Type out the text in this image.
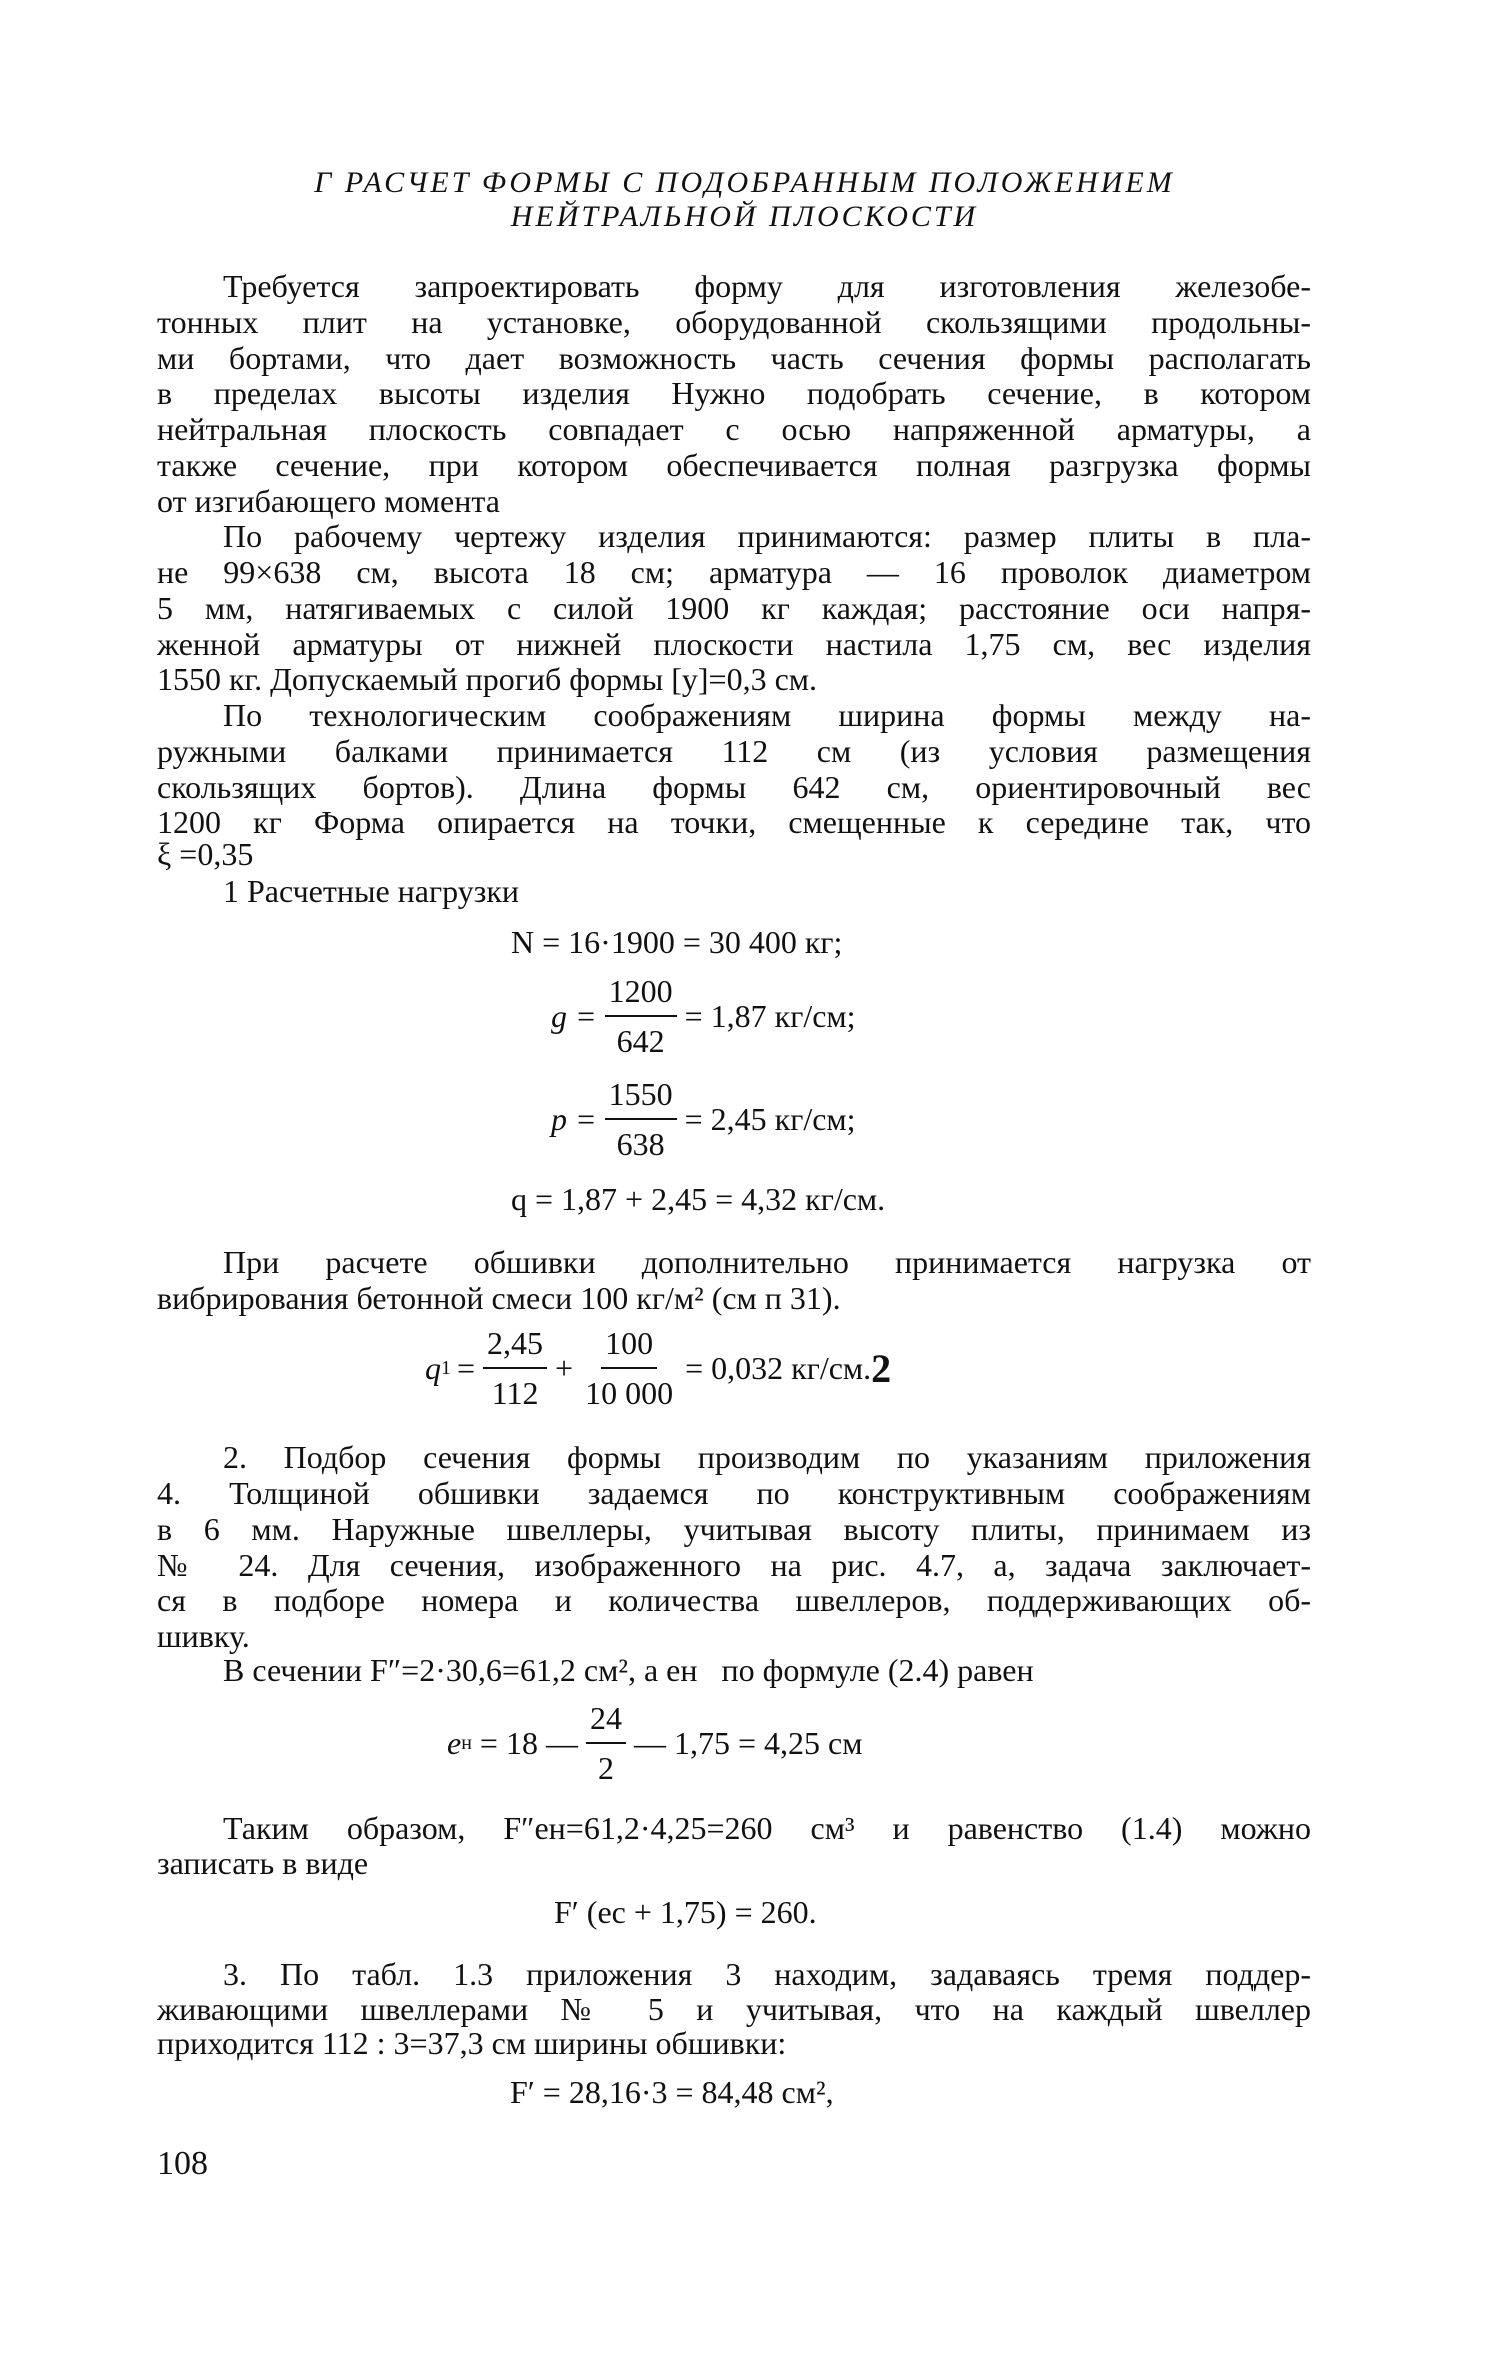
Г РАСЧЕТ ФОРМЫ С ПОДОБРАННЫМ ПОЛОЖЕНИЕМ
НЕЙТРАЛЬНОЙ ПЛОСКОСТИ
Требуется запроектировать форму для изготовления железобе-
тонных плит на установке, оборудованной скользящими продольны-
ми бортами, что дает возможность часть сечения формы располагать
в пределах высоты изделия Нужно подобрать сечение, в котором
нейтральная плоскость совпадает с осью напряженной арматуры, а
также сечение, при котором обеспечивается полная разгрузка формы
от изгибающего момента
По рабочему чертежу изделия принимаются: размер плиты в пла-
не 99×638 см, высота 18 см; арматура — 16 проволок диаметром
5 мм, натягиваемых с силой 1900 кг каждая; расстояние оси напря-
женной арматуры от нижней плоскости настила 1,75 см, вес изделия
1550 кг. Допускаемый прогиб формы [y]=0,3 см.
По технологическим соображениям ширина формы между на-
ружными балками принимается 112 см (из условия размещения
скользящих бортов). Длина формы 642 см, ориентировочный вес
1200 кг Форма опирается на точки, смещенные к середине так, что
ξ =0,35
1 Расчетные нагрузки
N = 16·1900 = 30 400 кг;
$g = \frac{1200}{642} = 1,87$ кг/см;
$p = \frac{1550}{638} = 2,45$ кг/см;
q = 1,87 + 2,45 = 4,32 кг/см.
При расчете обшивки дополнительно принимается нагрузка от
вибрирования бетонной смеси 100 кг/м² (см п 31).
q $1 = \frac{2,45}{112} + \frac{100}{10 000} = 0,032$ кг/см. 2
2. Подбор сечения формы производим по указаниям приложения
4. Толщиной обшивки задаемся по конструктивным соображениям
в 6 мм. Наружные швеллеры, учитывая высоту плиты, принимаем из
№ 24. Для сечения, изображенного на рис. 4.7, а, задача заключает-
ся в подборе номера и количества швеллеров, поддерживающих об-
шивку.
В сечении F″=2·30,6=61,2 см², а eн   по формуле (2.4) равен
e н = 18 — $\frac{24}{2}$ — 1,75 = 4,25 см
Таким образом, F″eн=61,2·4,25=260 см³ и равенство (1.4) можно
записать в виде
F′ (eс + 1,75) = 260.
3. По табл. 1.3 приложения 3 находим, задаваясь тремя поддер-
живающими швеллерами № 5 и учитывая, что на каждый швеллер
приходится 112 : 3=37,3 см ширины обшивки:
F′ = 28,16·3 = 84,48 см²,
108
